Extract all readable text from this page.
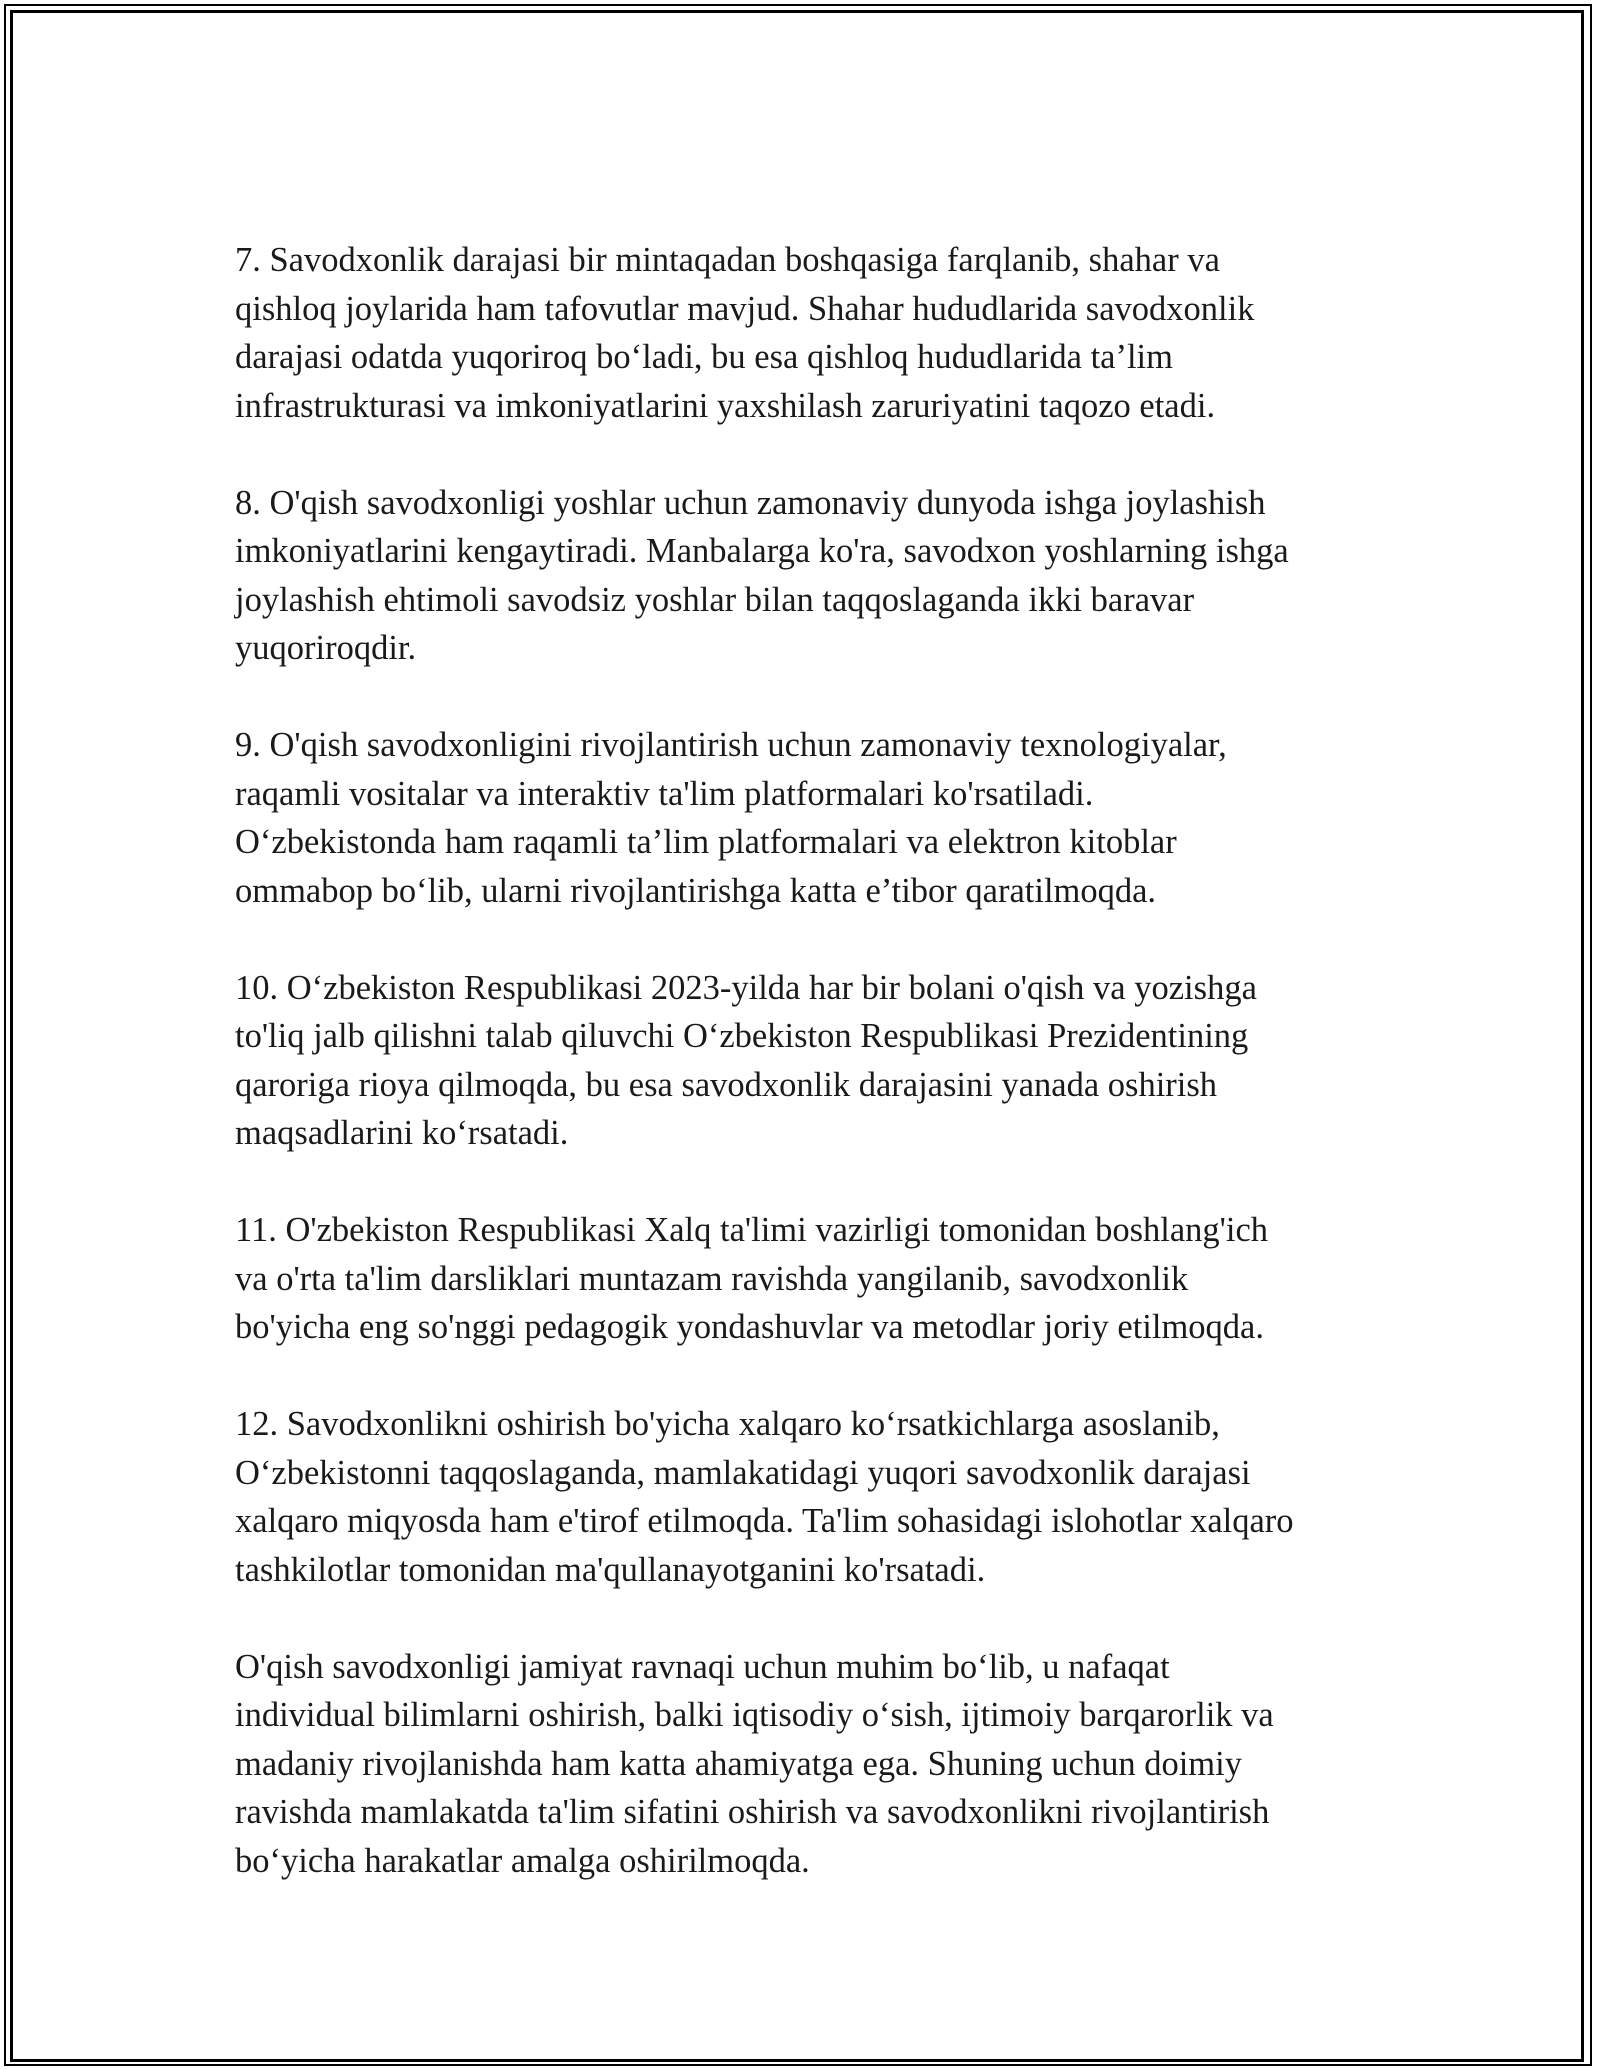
7. Savodxonlik darajasi bir mintaqadan boshqasiga farqlanib, shahar va
qishloq joylarida ham tafovutlar mavjud. Shahar hududlarida savodxonlik
darajasi odatda yuqoriroq bo‘ladi, bu esa qishloq hududlarida ta’lim
infrastrukturasi va imkoniyatlarini yaxshilash zaruriyatini taqozo etadi.

8. O'qish savodxonligi yoshlar uchun zamonaviy dunyoda ishga joylashish
imkoniyatlarini kengaytiradi. Manbalarga ko'ra, savodxon yoshlarning ishga
joylashish ehtimoli savodsiz yoshlar bilan taqqoslaganda ikki baravar
yuqoriroqdir.

9. O'qish savodxonligini rivojlantirish uchun zamonaviy texnologiyalar,
raqamli vositalar va interaktiv ta'lim platformalari ko'rsatiladi.
O‘zbekistonda ham raqamli ta’lim platformalari va elektron kitoblar
ommabop bo‘lib, ularni rivojlantirishga katta e’tibor qaratilmoqda.

10. O‘zbekiston Respublikasi 2023-yilda har bir bolani o'qish va yozishga
to'liq jalb qilishni talab qiluvchi O‘zbekiston Respublikasi Prezidentining
qaroriga rioya qilmoqda, bu esa savodxonlik darajasini yanada oshirish
maqsadlarini ko‘rsatadi.

11. O'zbekiston Respublikasi Xalq ta'limi vazirligi tomonidan boshlang'ich
va o'rta ta'lim darsliklari muntazam ravishda yangilanib, savodxonlik
bo'yicha eng so'nggi pedagogik yondashuvlar va metodlar joriy etilmoqda.

12. Savodxonlikni oshirish bo'yicha xalqaro ko‘rsatkichlarga asoslanib,
O‘zbekistonni taqqoslaganda, mamlakatidagi yuqori savodxonlik darajasi
xalqaro miqyosda ham e'tirof etilmoqda. Ta'lim sohasidagi islohotlar xalqaro
tashkilotlar tomonidan ma'qullanayotganini ko'rsatadi.

O'qish savodxonligi jamiyat ravnaqi uchun muhim bo‘lib, u nafaqat
individual bilimlarni oshirish, balki iqtisodiy o‘sish, ijtimoiy barqarorlik va
madaniy rivojlanishda ham katta ahamiyatga ega. Shuning uchun doimiy
ravishda mamlakatda ta'lim sifatini oshirish va savodxonlikni rivojlantirish
bo‘yicha harakatlar amalga oshirilmoqda.
